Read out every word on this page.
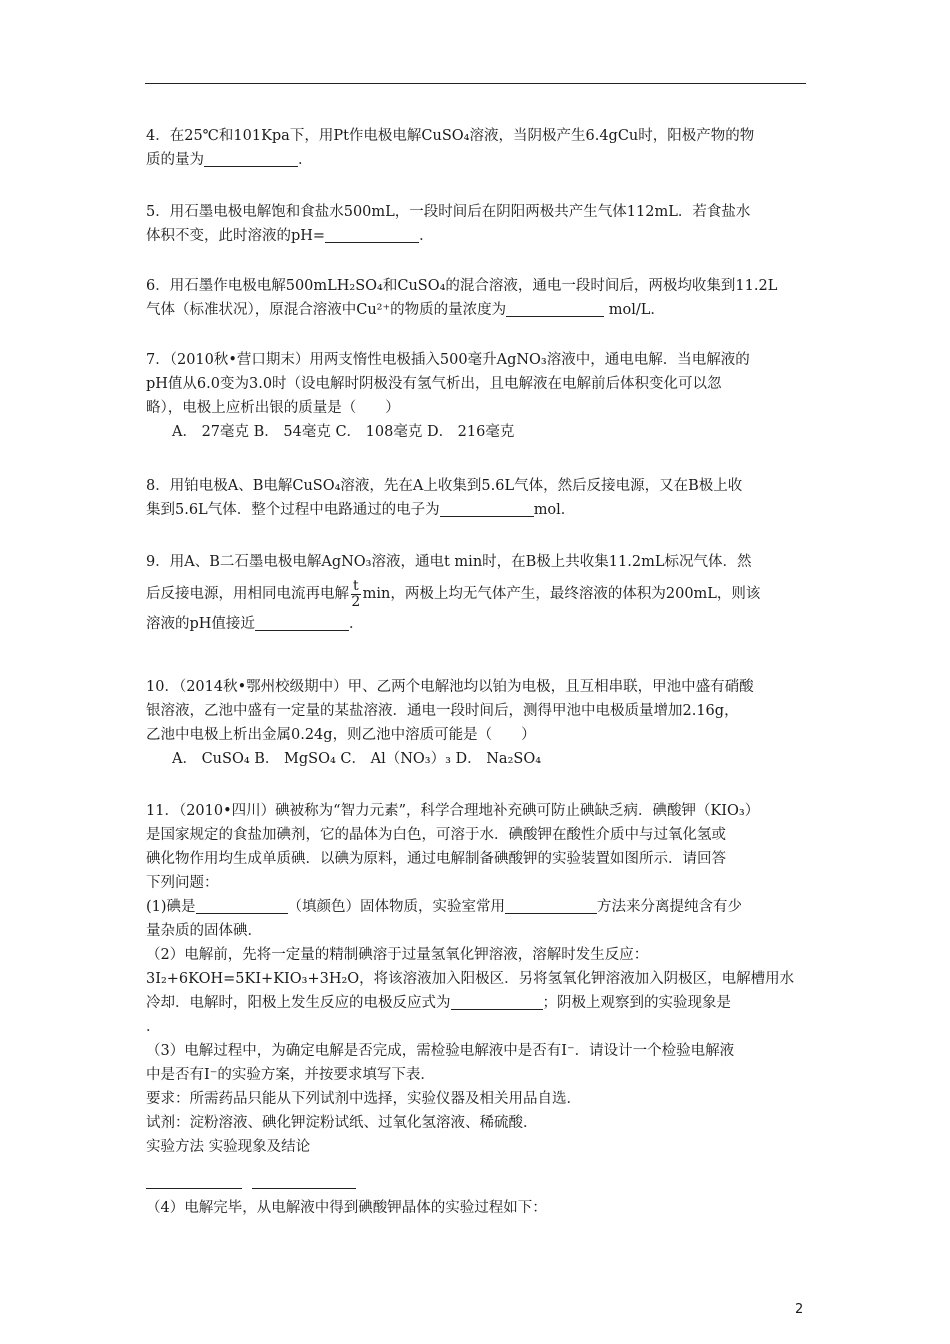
4．在25℃和101Kpa下，用Pt作电极电解CuSO₄溶液，当阴极产生6.4gCu时，阳极产物的物
质的量为	．
5．用石墨电极电解饱和食盐水500mL，一段时间后在阴阳两极共产生气体112mL．若食盐水
体积不变，此时溶液的pH=	．
6．用石墨作电极电解500mLH₂SO₄和CuSO₄的混合溶液，通电一段时间后，两极均收集到11.2L
气体（标准状况），原混合溶液中Cu²⁺的物质的量浓度为	mol/L．
7．（2010秋•营口期末）用两支惰性电极插入500毫升AgNO₃溶液中，通电电解．当电解液的
pH值从6.0变为3.0时（设电解时阴极没有氢气析出，且电解液在电解前后体积变化可以忽
略），电极上应析出银的质量是（　　）
A． 27毫克 B． 54毫克 C． 108毫克 D． 216毫克
8．用铂电极A、B电解CuSO₄溶液，先在A上收集到5.6L气体，然后反接电源，又在B极上收
集到5.6L气体．整个过程中电路通过的电子为	mol．
9．用A、B二石墨电极电解AgNO₃溶液，通电t min时，在B极上共收集11.2mL标况气体．然
后反接电源，用相同电流再电解 $\frac{t}{2}$ min，两极上均无气体产生，最终溶液的体积为200mL，则该
溶液的pH值接近	．
10．（2014秋•鄂州校级期中）甲、乙两个电解池均以铂为电极，且互相串联，甲池中盛有硝酸
银溶液，乙池中盛有一定量的某盐溶液．通电一段时间后，测得甲池中电极质量增加2.16g，
乙池中电极上析出金属0.24g，则乙池中溶质可能是（　　）
A． CuSO₄ B． MgSO₄ C． Al（NO₃）₃ D． Na₂SO₄
11．（2010•四川）碘被称为“智力元素”，科学合理地补充碘可防止碘缺乏病．碘酸钾（KIO₃）
是国家规定的食盐加碘剂，它的晶体为白色，可溶于水．碘酸钾在酸性介质中与过氧化氢或
碘化物作用均生成单质碘．以碘为原料，通过电解制备碘酸钾的实验装置如图所示．请回答
下列问题：
(1)碘是	（填颜色）固体物质，实验室常用	方法来分离提纯含有少
量杂质的固体碘．
（2）电解前，先将一定量的精制碘溶于过量氢氧化钾溶液，溶解时发生反应：
3I₂+6KOH=5KI+KIO₃+3H₂O，将该溶液加入阳极区．另将氢氧化钾溶液加入阴极区，电解槽用水
冷却．电解时，阳极上发生反应的电极反应式为	；阴极上观察到的实验现象是
．
（3）电解过程中，为确定电解是否完成，需检验电解液中是否有I⁻．请设计一个检验电解液
中是否有I⁻的实验方案，并按要求填写下表．
要求：所需药品只能从下列试剂中选择，实验仪器及相关用品自选．
试剂：淀粉溶液、碘化钾淀粉试纸、过氧化氢溶液、稀硫酸．
实验方法 实验现象及结论
（4）电解完毕，从电解液中得到碘酸钾晶体的实验过程如下：
2
